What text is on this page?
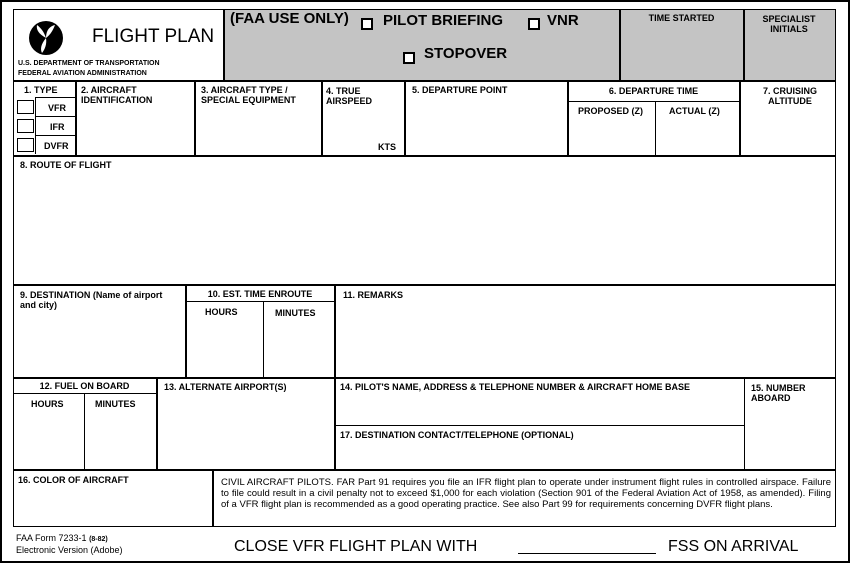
FLIGHT PLAN
U.S. DEPARTMENT OF TRANSPORTATION
FEDERAL AVIATION ADMINISTRATION
(FAA USE ONLY) PILOT BRIEFING	VNR
STOPOVER
TIME STARTED	SPECIALIST INITIALS
1. TYPE
VFR
IFR
DVFR
2. AIRCRAFT IDENTIFICATION
3. AIRCRAFT TYPE / SPECIAL EQUIPMENT
4. TRUE AIRSPEED
KTS
5. DEPARTURE POINT	6. DEPARTURE TIME
PROPOSED (Z)	ACTUAL (Z)
7. CRUISING ALTITUDE
8. ROUTE OF FLIGHT
9. DESTINATION (Name of airport and city)
10. EST. TIME ENROUTE
HOURS	MINUTES
11. REMARKS
12. FUEL ON BOARD
HOURS	MINUTES
13. ALTERNATE AIRPORT(S)	14. PILOT'S NAME, ADDRESS & TELEPHONE NUMBER & AIRCRAFT HOME BASE
17. DESTINATION CONTACT/TELEPHONE (OPTIONAL)
15. NUMBER ABOARD
16. COLOR OF AIRCRAFT	CIVIL AIRCRAFT PILOTS. FAR Part 91 requires you file an IFR flight plan to operate under instrument flight rules in controlled airspace. Failure to file could result in a civil penalty not to exceed $1,000 for each violation (Section 901 of the Federal Aviation Act of 1958, as amended). Filing of a VFR flight plan is recommended as a good operating practice. See also Part 99 for requirements concerning DVFR flight plans.
FAA Form 7233-1 (8-82)
Electronic Version (Adobe)	CLOSE VFR FLIGHT PLAN WITH	FSS ON ARRIVAL
